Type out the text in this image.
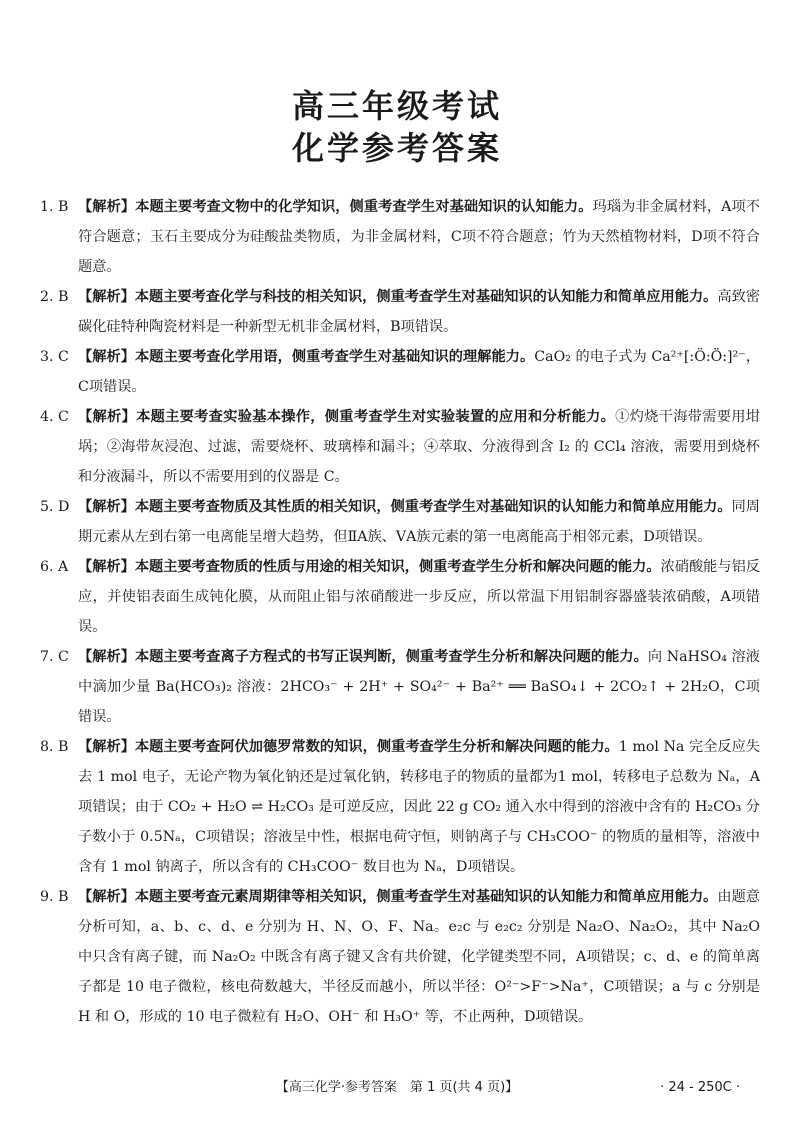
高三年级考试
化学参考答案

1. B 【解析】本题主要考查文物中的化学知识，侧重考查学生对基础知识的认知能力。玛瑙为非金属材料，A项不符合题意；玉石主要成分为硅酸盐类物质，为非金属材料，C项不符合题意；竹为天然植物材料，D项不符合题意。

2. B 【解析】本题主要考查化学与科技的相关知识，侧重考查学生对基础知识的认知能力和简单应用能力。高致密碳化硅特种陶瓷材料是一种新型无机非金属材料，B项错误。

3. C 【解析】本题主要考查化学用语，侧重考查学生对基础知识的理解能力。CaO₂ 的电子式为 Ca²⁺[:Ö:Ö:]²⁻，C项错误。

4. C 【解析】本题主要考查实验基本操作，侧重考查学生对实验装置的应用和分析能力。①灼烧干海带需要用坩埚；②海带灰浸泡、过滤，需要烧杯、玻璃棒和漏斗；④萃取、分液得到含 I₂ 的 CCl₄ 溶液，需要用到烧杯和分液漏斗，所以不需要用到的仪器是 C。

5. D 【解析】本题主要考查物质及其性质的相关知识，侧重考查学生对基础知识的认知能力和简单应用能力。同周期元素从左到右第一电离能呈增大趋势，但ⅡA族、ⅤA族元素的第一电离能高于相邻元素，D项错误。

6. A 【解析】本题主要考查物质的性质与用途的相关知识，侧重考查学生分析和解决问题的能力。浓硝酸能与铝反应，并使铝表面生成钝化膜，从而阻止铝与浓硝酸进一步反应，所以常温下用铝制容器盛装浓硝酸，A项错误。

7. C 【解析】本题主要考查离子方程式的书写正误判断，侧重考查学生分析和解决问题的能力。向 NaHSO₄ 溶液中滴加少量 Ba(HCO₃)₂ 溶液：2HCO₃⁻ + 2H⁺ + SO₄²⁻ + Ba²⁺ ══ BaSO₄↓ + 2CO₂↑ + 2H₂O，C项错误。

8. B 【解析】本题主要考查阿伏加德罗常数的知识，侧重考查学生分析和解决问题的能力。1 mol Na 完全反应失去 1 mol 电子，无论产物为氧化钠还是过氧化钠，转移电子的物质的量都为1 mol，转移电子总数为 Nₐ，A项错误；由于 CO₂ + H₂O ⇌ H₂CO₃ 是可逆反应，因此 22 g CO₂ 通入水中得到的溶液中含有的 H₂CO₃ 分子数小于 0.5Nₐ，C项错误；溶液呈中性，根据电荷守恒，则钠离子与 CH₃COO⁻ 的物质的量相等，溶液中含有 1 mol 钠离子，所以含有的 CH₃COO⁻ 数目也为 Nₐ，D项错误。

9. B 【解析】本题主要考查元素周期律等相关知识，侧重考查学生对基础知识的认知能力和简单应用能力。由题意分析可知，a、b、c、d、e 分别为 H、N、O、F、Na。e₂c 与 e₂c₂ 分别是 Na₂O、Na₂O₂，其中 Na₂O 中只含有离子键，而 Na₂O₂ 中既含有离子键又含有共价键，化学键类型不同，A项错误；c、d、e 的简单离子都是 10 电子微粒，核电荷数越大，半径反而越小，所以半径：O²⁻>F⁻>Na⁺，C项错误；a 与 c 分别是 H 和 O，形成的 10 电子微粒有 H₂O、OH⁻ 和 H₃O⁺ 等，不止两种，D项错误。

【高三化学·参考答案　第 1 页(共 4 页)】	· 24 - 250C ·
